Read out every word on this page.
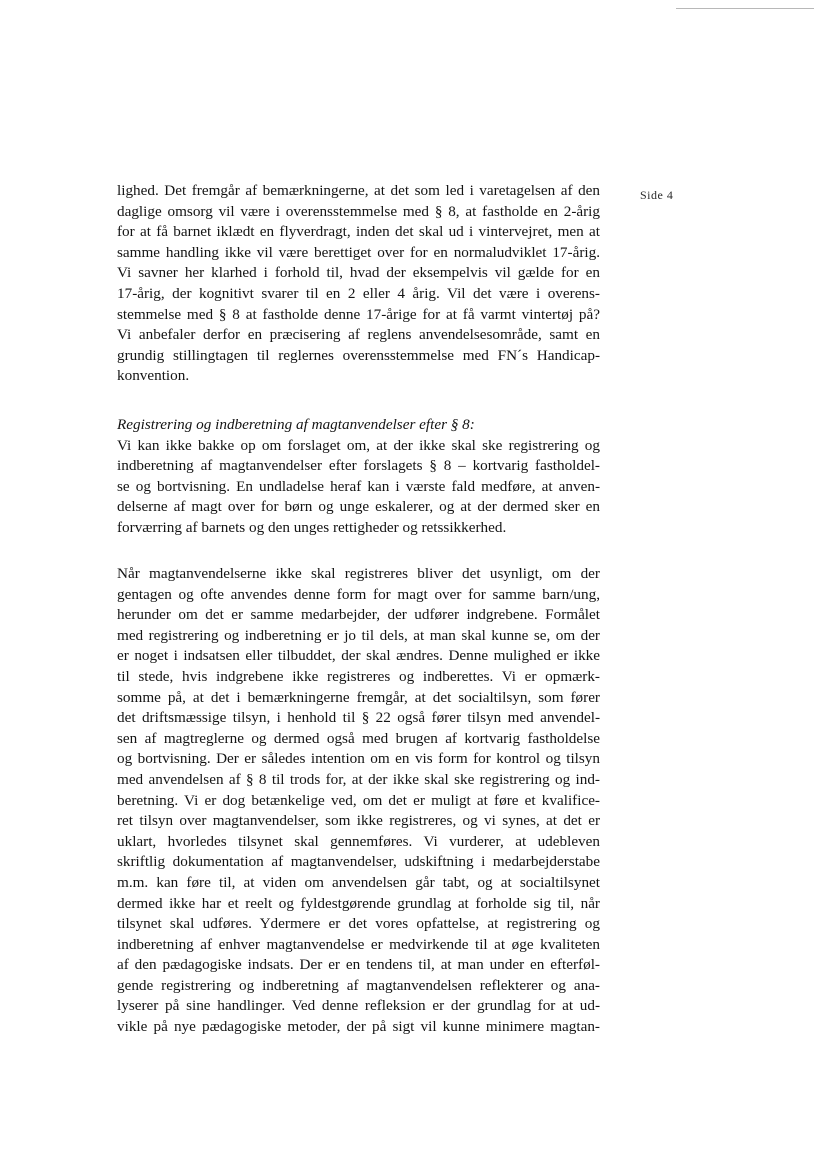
Side 4
lighed. Det fremgår af bemærkningerne, at det som led i varetagelsen af den
daglige omsorg vil være i overensstemmelse med § 8, at fastholde en 2-årig
for at få barnet iklædt en flyverdragt, inden det skal ud i vintervejret, men at
samme handling ikke vil være berettiget over for en normaludviklet 17-årig.
Vi savner her klarhed i forhold til, hvad der eksempelvis vil gælde for en
17-årig, der kognitivt svarer til en 2 eller 4 årig. Vil det være i overens-
stemmelse med § 8 at fastholde denne 17-årige for at få varmt vintertøj på?
Vi anbefaler derfor en præcisering af reglens anvendelsesområde, samt en
grundig stillingtagen til reglernes overensstemmelse med FN´s Handicap-
konvention.
Registrering og indberetning af magtanvendelser efter § 8:
Vi kan ikke bakke op om forslaget om, at der ikke skal ske registrering og
indberetning af magtanvendelser efter forslagets § 8 – kortvarig fastholdel-
se og bortvisning. En undladelse heraf kan i værste fald medføre, at anven-
delserne af magt over for børn og unge eskalerer, og at der dermed sker en
forværring af barnets og den unges rettigheder og retssikkerhed.
Når magtanvendelserne ikke skal registreres bliver det usynligt, om der
gentagen og ofte anvendes denne form for magt over for samme barn/ung,
herunder om det er samme medarbejder, der udfører indgrebene. Formålet
med registrering og indberetning er jo til dels, at man skal kunne se, om der
er noget i indsatsen eller tilbuddet, der skal ændres. Denne mulighed er ikke
til stede, hvis indgrebene ikke registreres og indberettes. Vi er opmærk-
somme på, at det i bemærkningerne fremgår, at det socialtilsyn, som fører
det driftsmæssige tilsyn, i henhold til § 22 også fører tilsyn med anvendel-
sen af magtreglerne og dermed også med brugen af kortvarig fastholdelse
og bortvisning. Der er således intention om en vis form for kontrol og tilsyn
med anvendelsen af § 8 til trods for, at der ikke skal ske registrering og ind-
beretning. Vi er dog betænkelige ved, om det er muligt at føre et kvalifice-
ret tilsyn over magtanvendelser, som ikke registreres, og vi synes, at det er
uklart, hvorledes tilsynet skal gennemføres. Vi vurderer, at udebleven
skriftlig dokumentation af magtanvendelser, udskiftning i medarbejderstabe
m.m. kan føre til, at viden om anvendelsen går tabt, og at socialtilsynet
dermed ikke har et reelt og fyldestgørende grundlag at forholde sig til, når
tilsynet skal udføres. Ydermere er det vores opfattelse, at registrering og
indberetning af enhver magtanvendelse er medvirkende til at øge kvaliteten
af den pædagogiske indsats. Der er en tendens til, at man under en efterføl-
gende registrering og indberetning af magtanvendelsen reflekterer og ana-
lyserer på sine handlinger. Ved denne refleksion er der grundlag for at ud-
vikle på nye pædagogiske metoder, der på sigt vil kunne minimere magtan-
